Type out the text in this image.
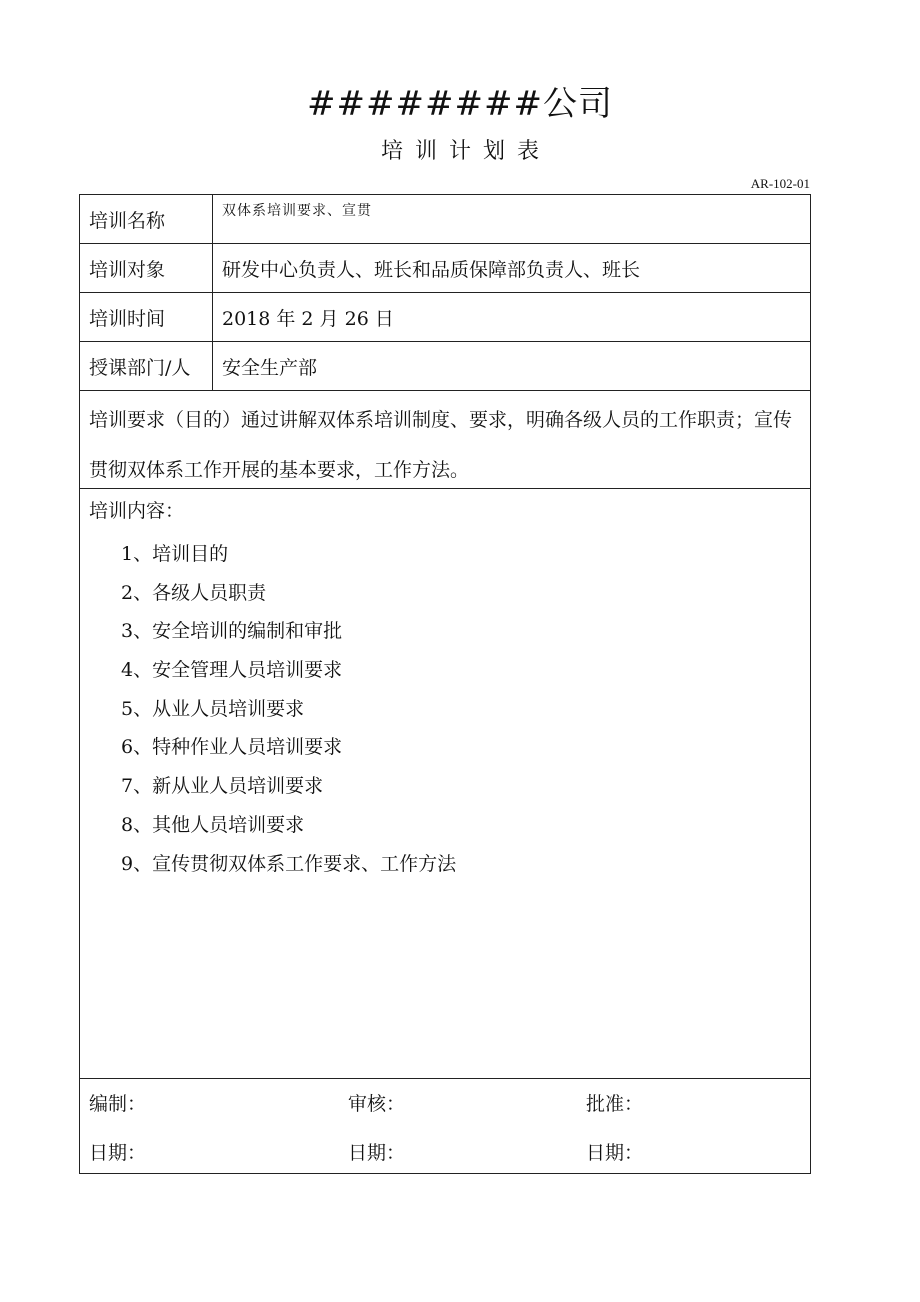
########公司
培训计划表
AR-102-01
培训名称	双体系培训要求、宣贯
培训对象	研发中心负责人、班长和品质保障部负责人、班长
培训时间	2018 年 2 月 26 日
授课部门/人	安全生产部
培训要求（目的）通过讲解双体系培训制度、要求，明确各级人员的工作职责；宣传贯彻双体系工作开展的基本要求，工作方法。
培训内容：
1、培训目的
2、各级人员职责
3、安全培训的编制和审批
4、安全管理人员培训要求
5、从业人员培训要求
6、特种作业人员培训要求
7、新从业人员培训要求
8、其他人员培训要求
9、宣传贯彻双体系工作要求、工作方法
编制：	审核：	批准：
日期：	日期：	日期：
